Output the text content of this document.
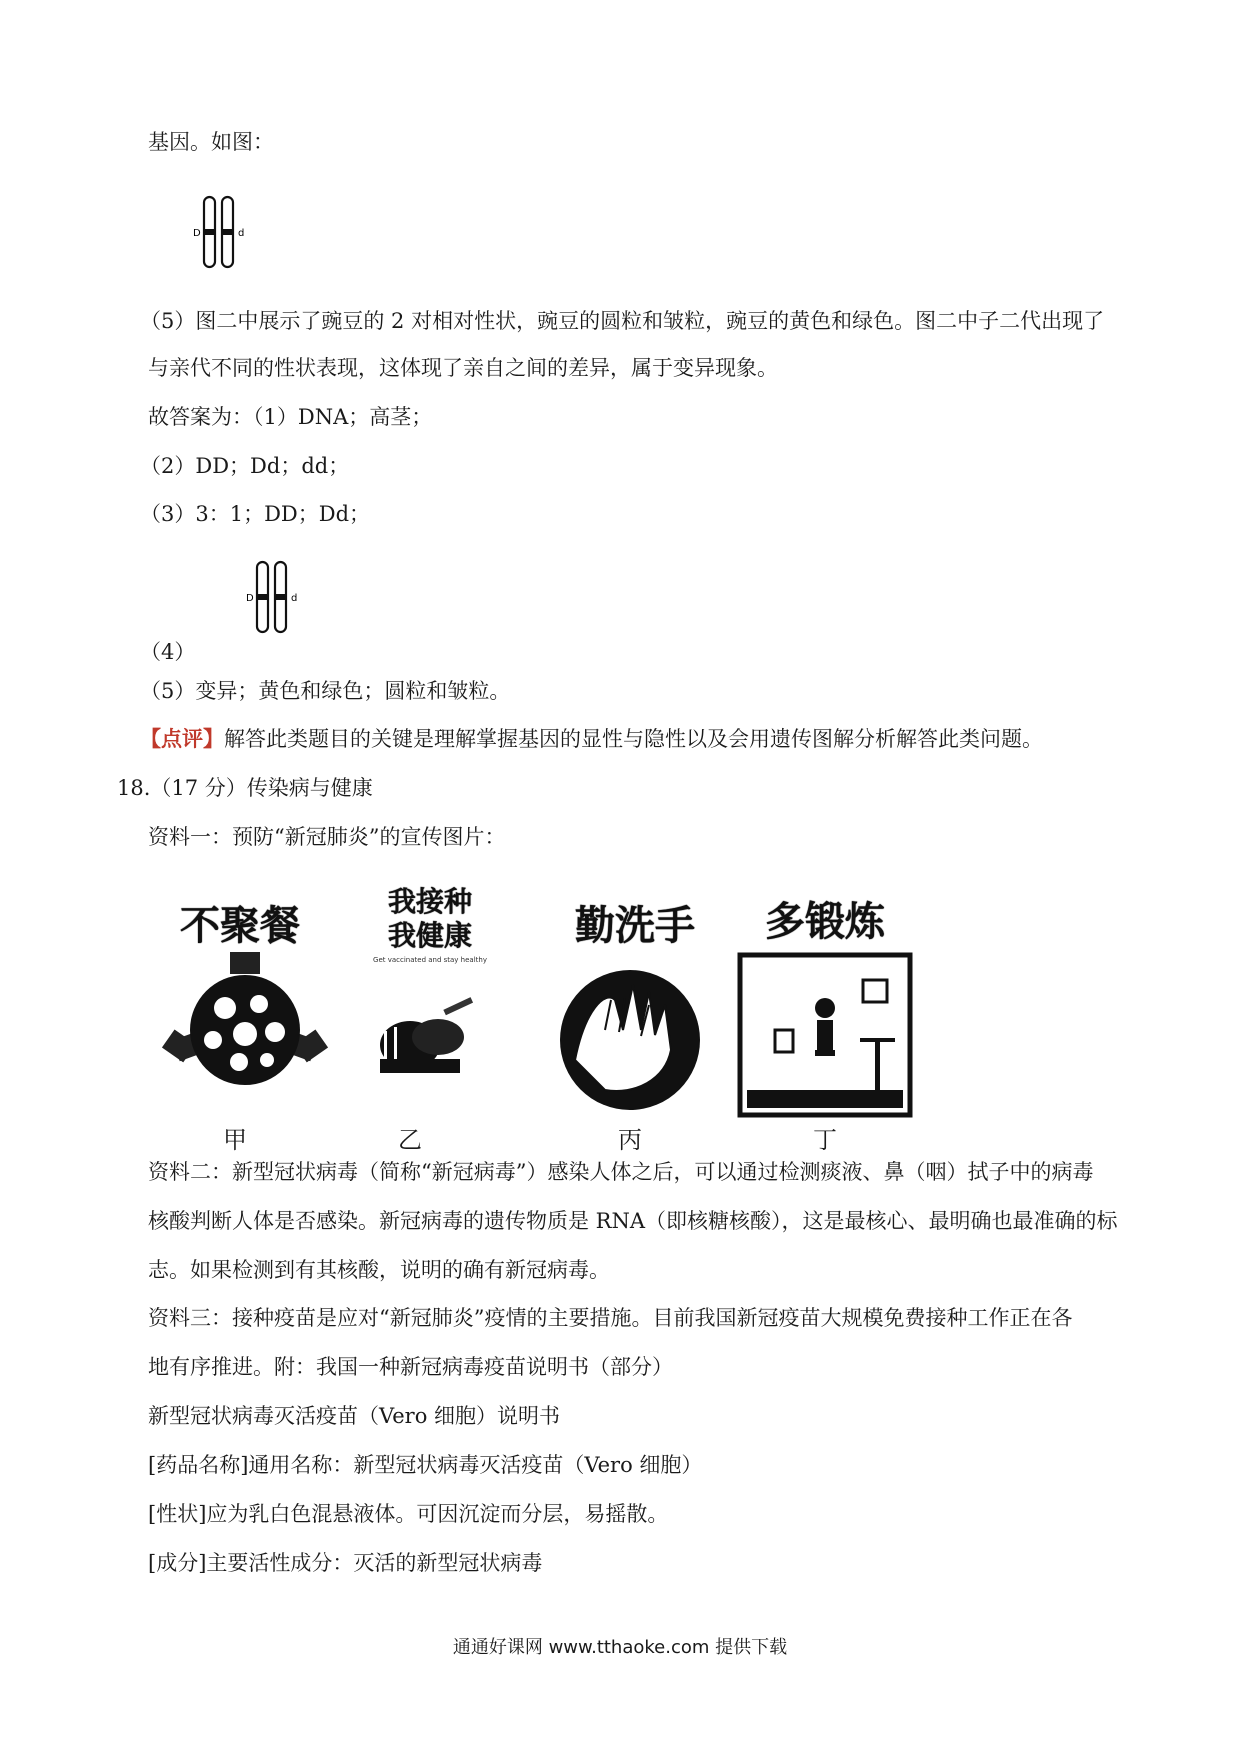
基因。如图：
D	d
（5）图二中展示了豌豆的 2 对相对性状，豌豆的圆粒和皱粒，豌豆的黄色和绿色。图二中子二代出现了
与亲代不同的性状表现，这体现了亲自之间的差异，属于变异现象。
故答案为：（1）DNA；高茎；
（2）DD；Dd；dd；
（3）3：1；DD；Dd；
D	d
（4）
（5）变异；黄色和绿色；圆粒和皱粒。
【点评】解答此类题目的关键是理解掌握基因的显性与隐性以及会用遗传图解分析解答此类问题。
18.（17 分）传染病与健康
资料一：预防“新冠肺炎”的宣传图片：
不聚餐
甲
我接种
我健康
Get vaccinated and stay healthy
乙
勤洗手
丙
多锻炼
丁
资料二：新型冠状病毒（简称“新冠病毒”）感染人体之后，可以通过检测痰液、鼻（咽）拭子中的病毒
核酸判断人体是否感染。新冠病毒的遗传物质是 RNA（即核糖核酸），这是最核心、最明确也最准确的标
志。如果检测到有其核酸，说明的确有新冠病毒。
资料三：接种疫苗是应对“新冠肺炎”疫情的主要措施。目前我国新冠疫苗大规模免费接种工作正在各
地有序推进。附：我国一种新冠病毒疫苗说明书（部分）
新型冠状病毒灭活疫苗（Vero 细胞）说明书
[药品名称]通用名称：新型冠状病毒灭活疫苗（Vero 细胞）
[性状]应为乳白色混悬液体。可因沉淀而分层，易摇散。
[成分]主要活性成分：灭活的新型冠状病毒
通通好课网 www.tthaoke.com 提供下载
